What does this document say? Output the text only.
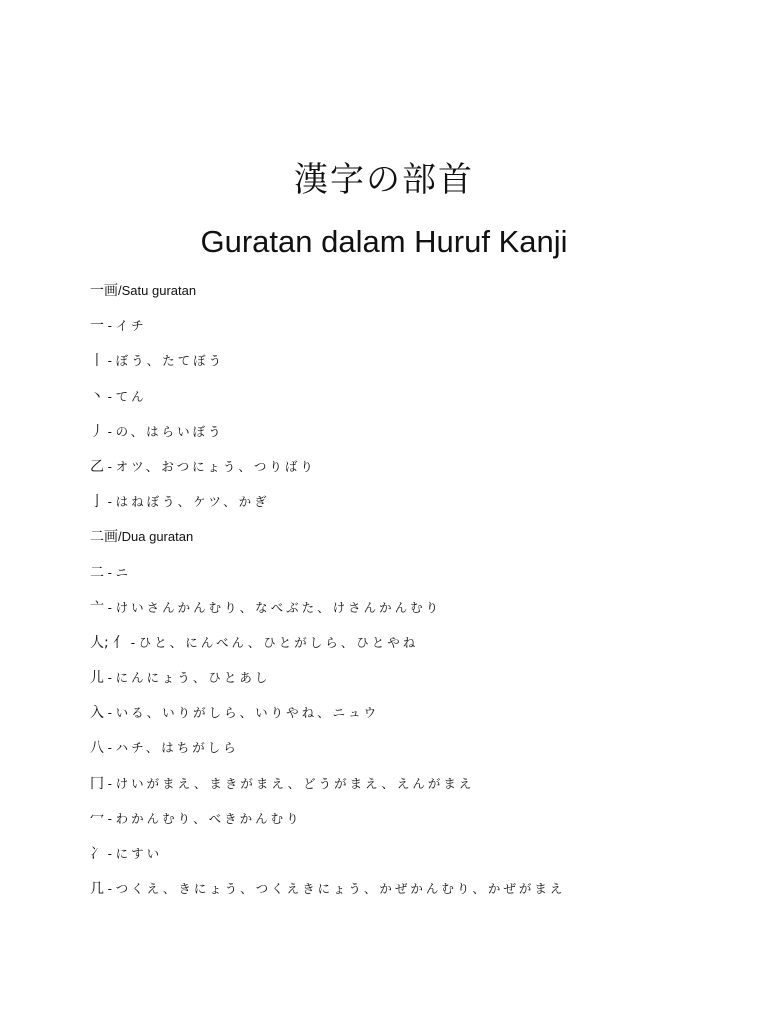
漢字の部首
Guratan dalam Huruf Kanji
一画/Satu guratan
一 - イチ
丨 - ぼう、たてぼう
丶 - てん
丿 - の、はらいぼう
乙 - オツ、おつにょう、つりばり
亅 - はねぼう、ケツ、かぎ
二画/Dua guratan
二 - ニ
亠 - けいさんかんむり、なべぶた、けさんかんむり
人; 亻 - ひと、にんべん、ひとがしら、ひとやね
儿 - にんにょう、ひとあし
入 - いる、いりがしら、いりやね、ニュウ
八 - ハチ、はちがしら
冂 - けいがまえ、まきがまえ、どうがまえ、えんがまえ
冖 - わかんむり、べきかんむり
冫 - にすい
几 - つくえ、きにょう、つくえきにょう、かぜかんむり、かぜがまえ
